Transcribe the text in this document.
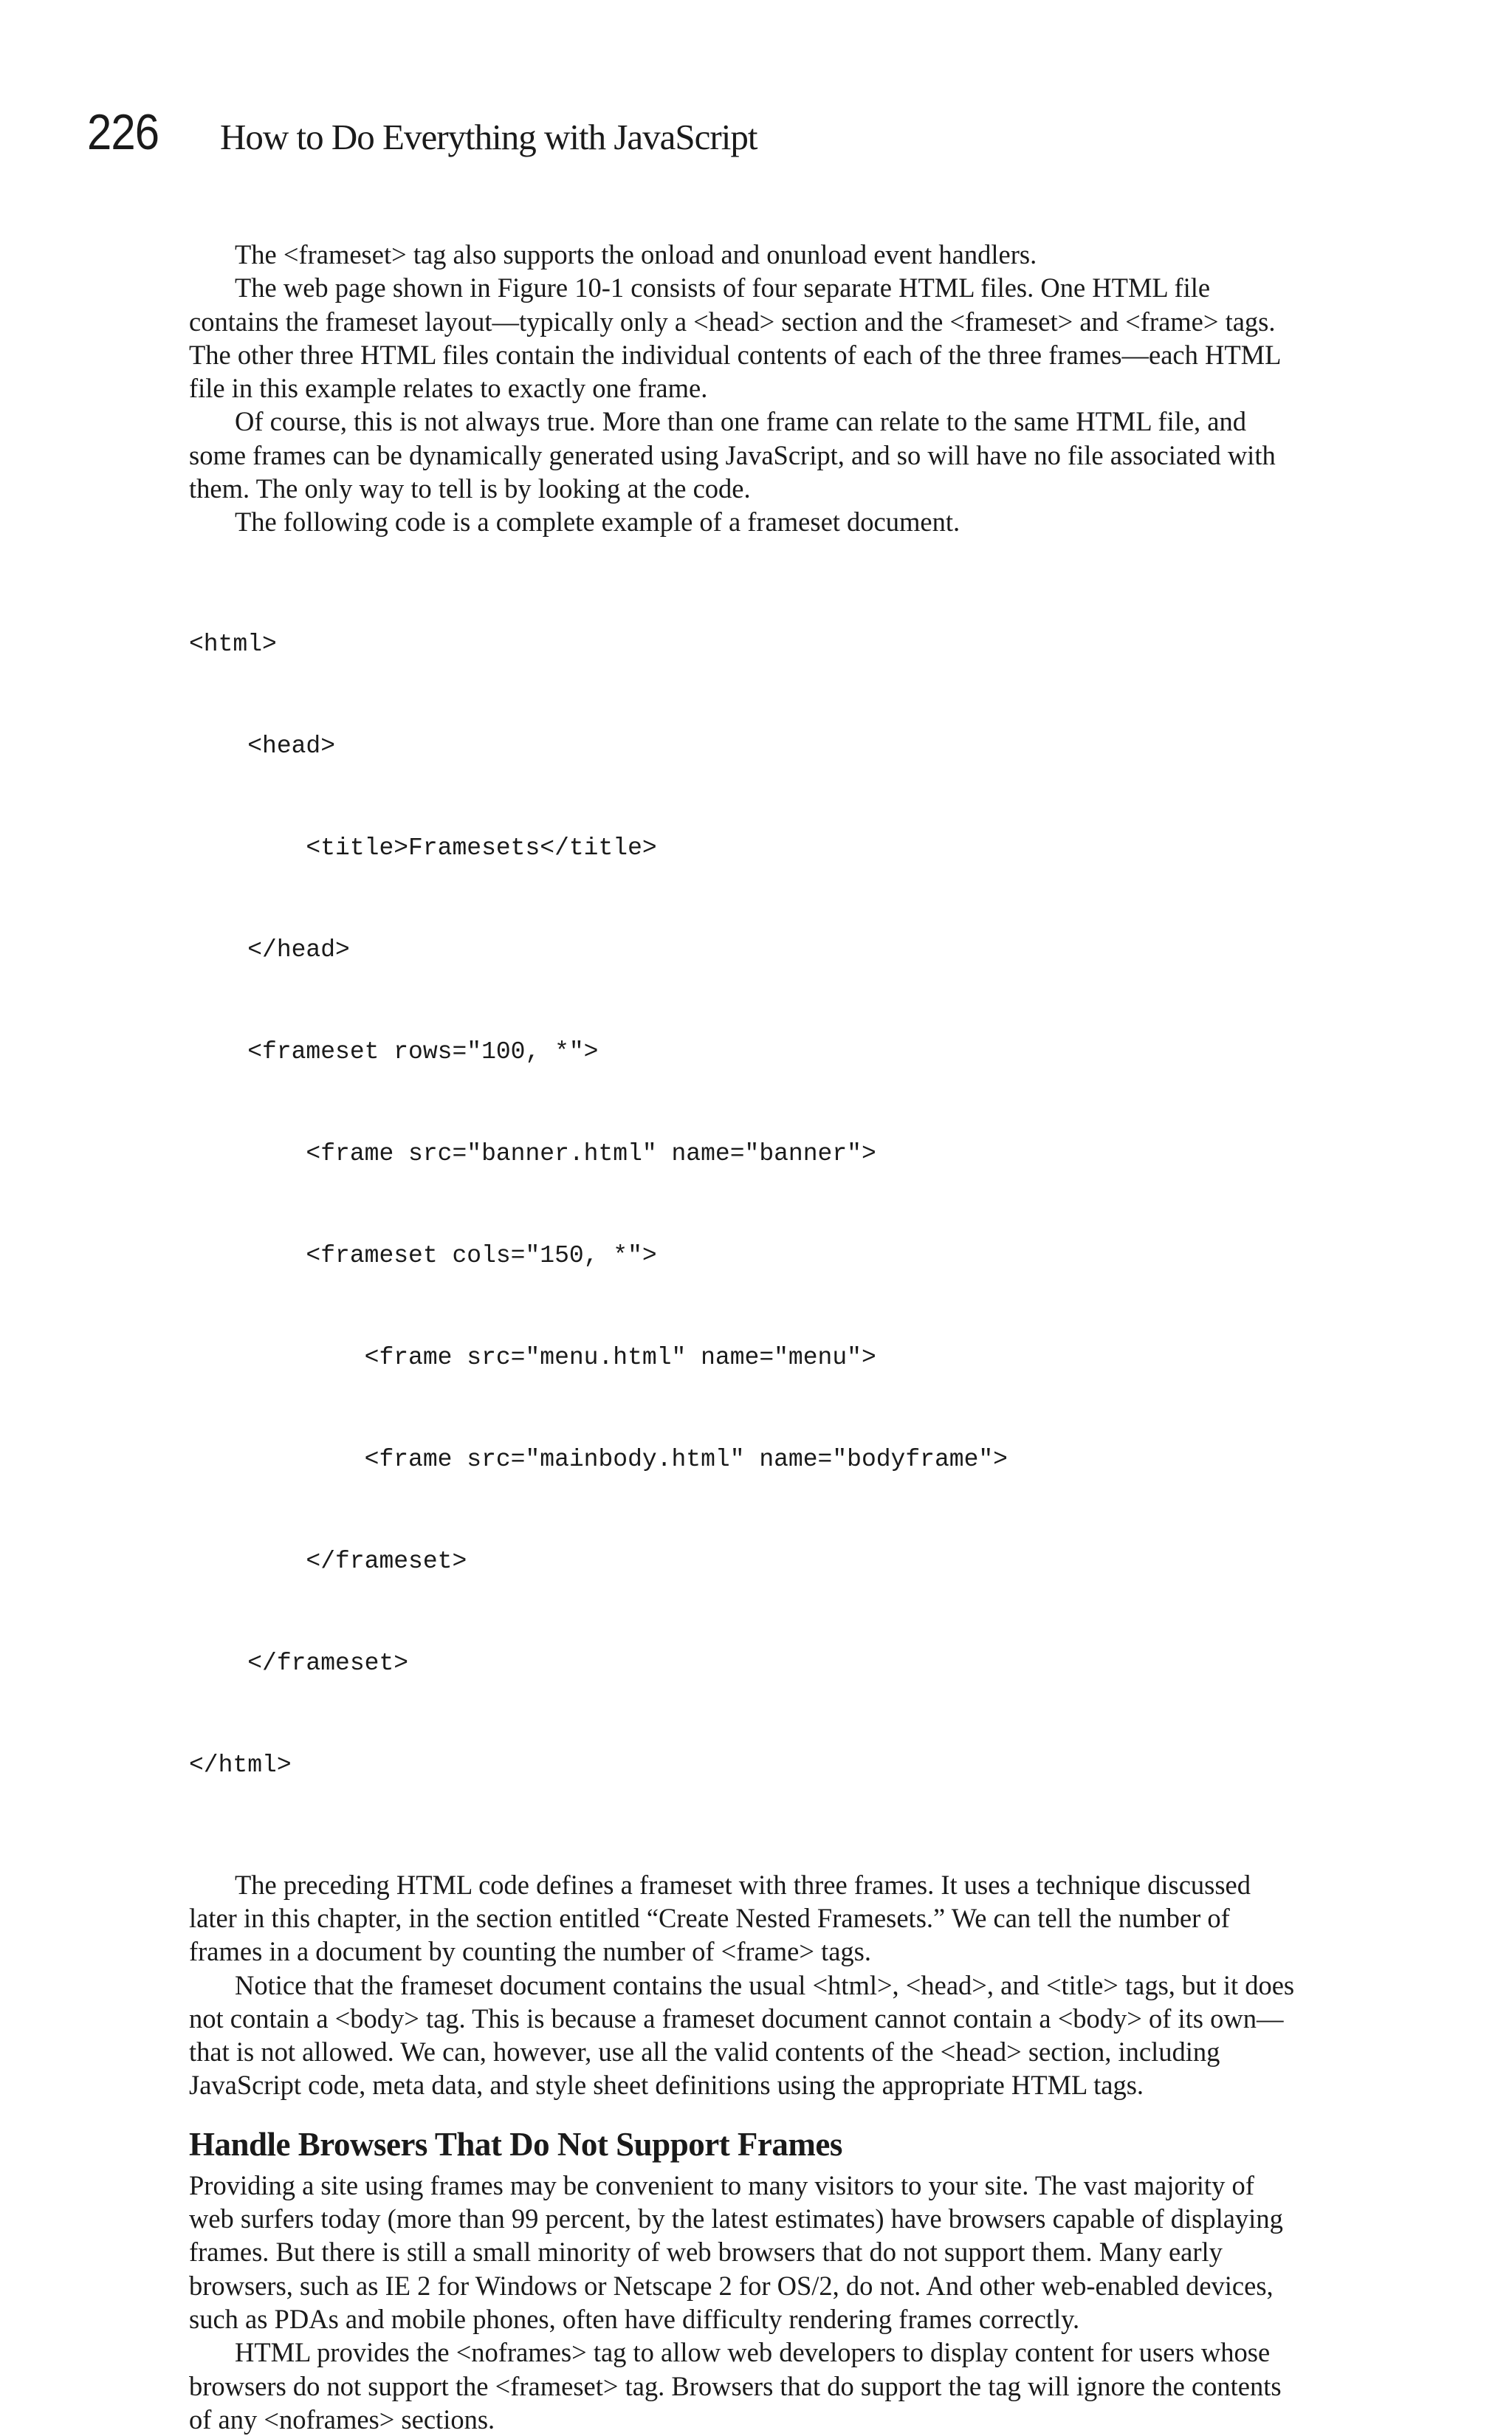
226	How to Do Everything with JavaScript

The <frameset> tag also supports the onload and onunload event handlers.

The web page shown in Figure 10-1 consists of four separate HTML files. One HTML file contains the frameset layout—typically only a <head> section and the <frameset> and <frame> tags. The other three HTML files contain the individual contents of each of the three frames—each HTML file in this example relates to exactly one frame.

Of course, this is not always true. More than one frame can relate to the same HTML file, and some frames can be dynamically generated using JavaScript, and so will have no file associated with them. The only way to tell is by looking at the code.

The following code is a complete example of a frameset document.

<html>

<head>

<title>Framesets</title>

</head>

<frameset rows="100, *">

<frame src="banner.html" name="banner">

<frameset cols="150, *">

<frame src="menu.html" name="menu">

<frame src="mainbody.html" name="bodyframe">

</frameset>

</frameset>

</html>

The preceding HTML code defines a frameset with three frames. It uses a technique discussed later in this chapter, in the section entitled “Create Nested Framesets.” We can tell the number of frames in a document by counting the number of <frame> tags.

Notice that the frameset document contains the usual <html>, <head>, and <title> tags, but it does not contain a <body> tag. This is because a frameset document cannot contain a <body> of its own—that is not allowed. We can, however, use all the valid contents of the <head> section, including JavaScript code, meta data, and style sheet definitions using the appropriate HTML tags.

Handle Browsers That Do Not Support Frames

Providing a site using frames may be convenient to many visitors to your site. The vast majority of web surfers today (more than 99 percent, by the latest estimates) have browsers capable of displaying frames. But there is still a small minority of web browsers that do not support them. Many early browsers, such as IE 2 for Windows or Netscape 2 for OS/2, do not. And other web-enabled devices, such as PDAs and mobile phones, often have difficulty rendering frames correctly.

HTML provides the <noframes> tag to allow web developers to display content for users whose browsers do not support the <frameset> tag. Browsers that do support the tag will ignore the contents of any <noframes> sections.
